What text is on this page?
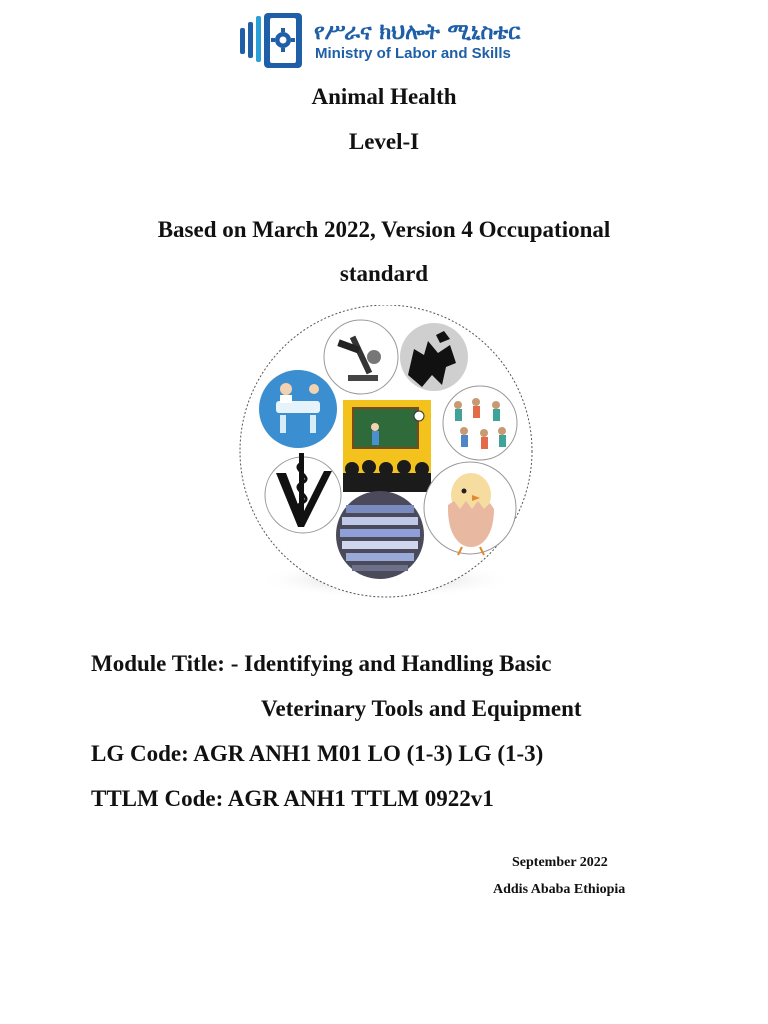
የሥራና ክህሎት ሚኒስቴር
Ministry of Labor and Skills
Animal Health
Level-I
Based on March 2022, Version 4 Occupational
standard
Module Title: - Identifying and Handling Basic
Veterinary Tools and Equipment
LG Code: AGR ANH1 M01 LO (1-3) LG (1-3)
TTLM Code: AGR ANH1 TTLM 0922v1
September 2022
Addis Ababa Ethiopia
